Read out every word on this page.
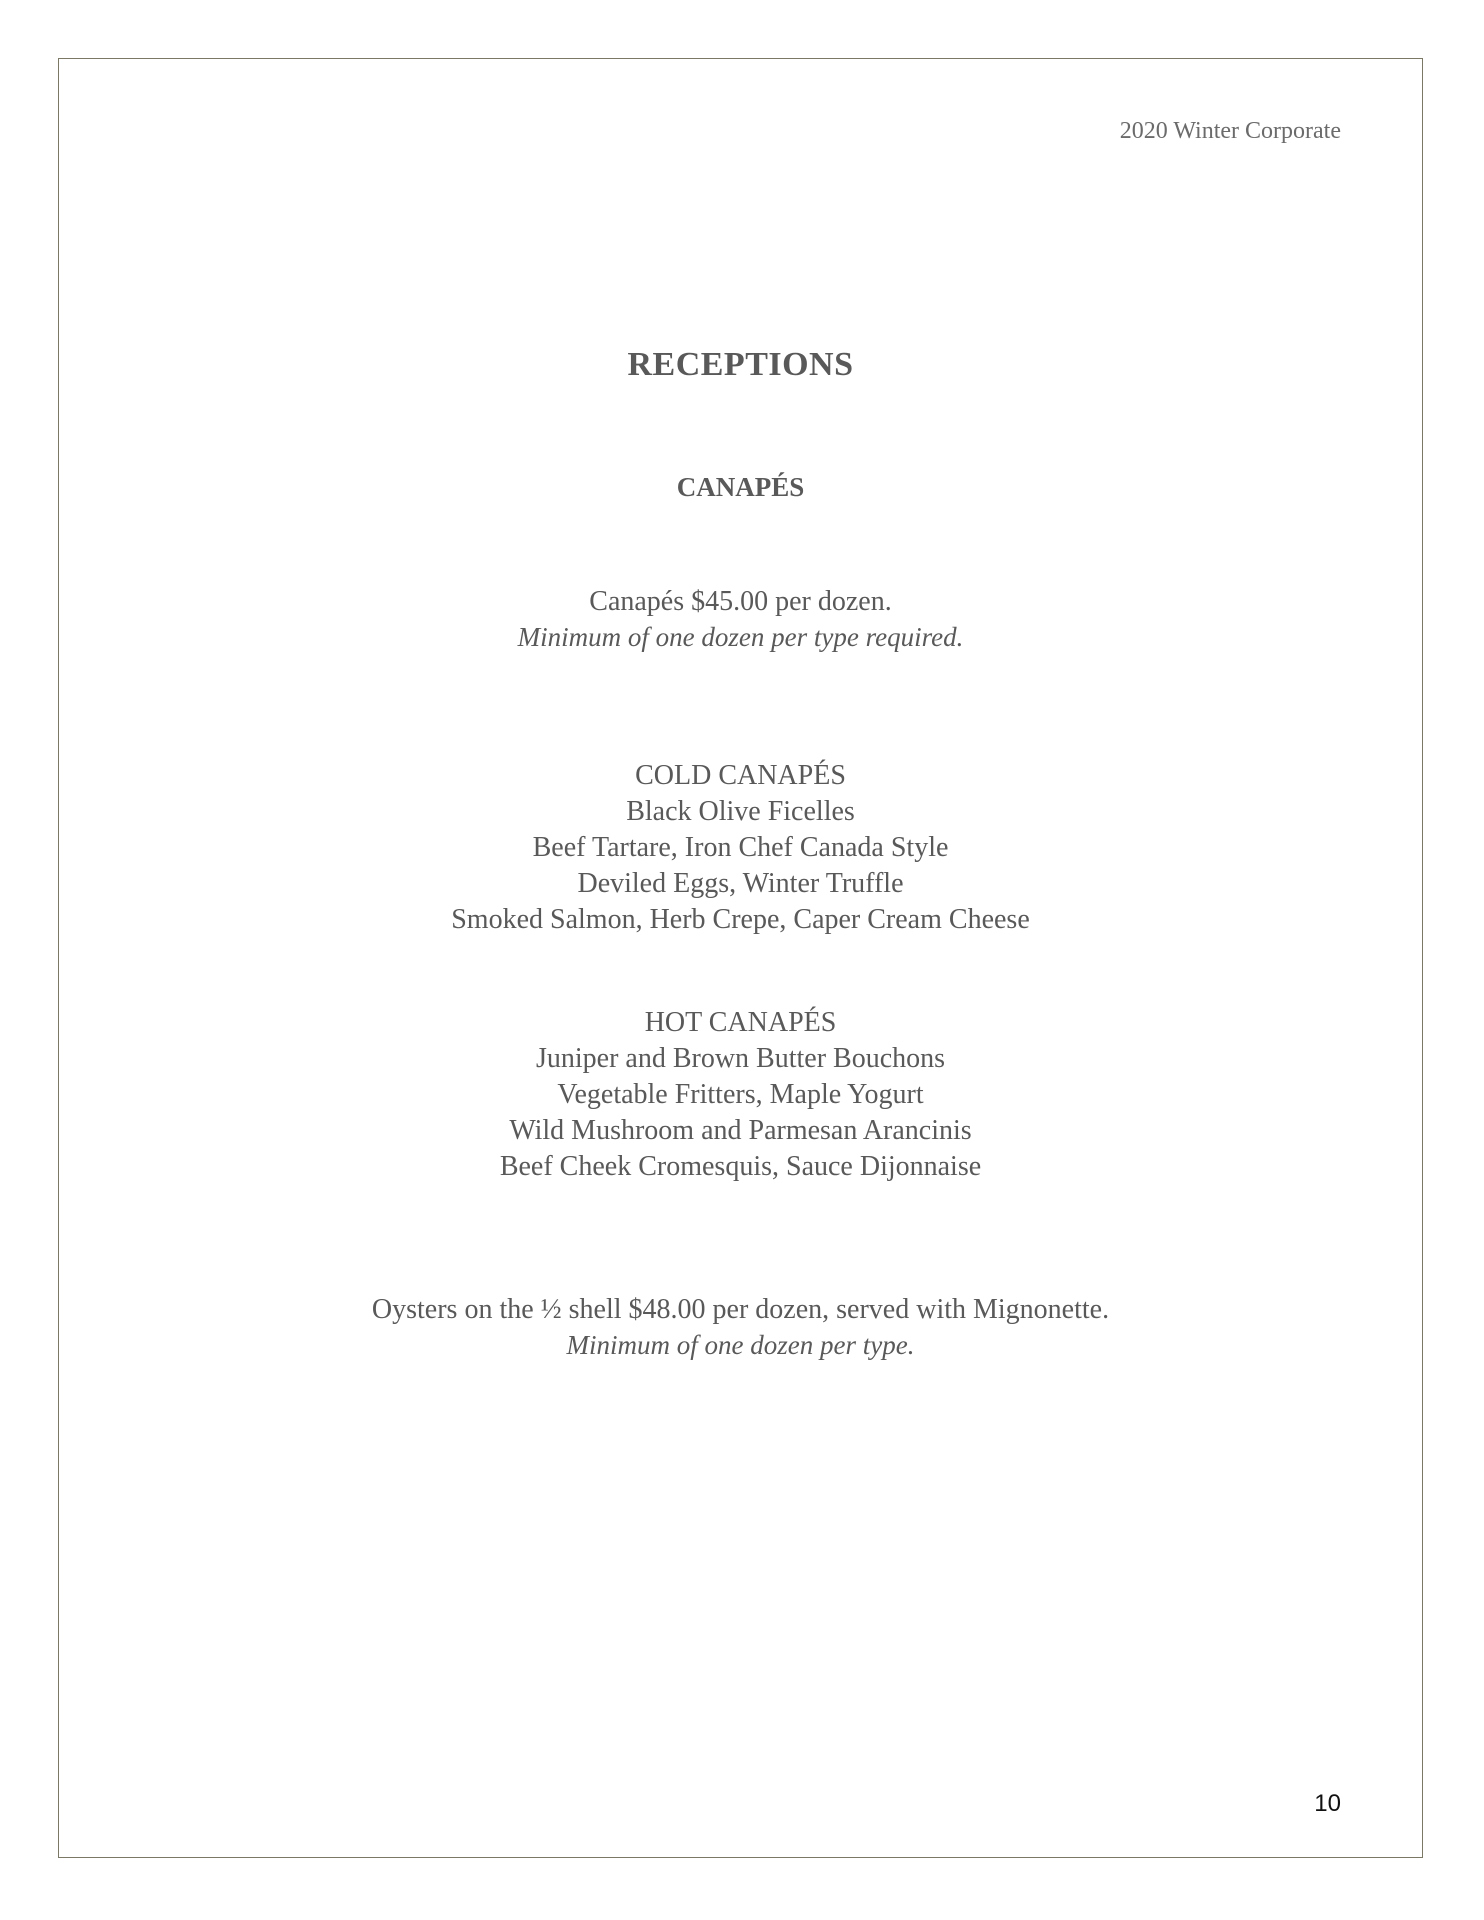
2020 Winter Corporate
RECEPTIONS
CANAPÉS

Canapés $45.00 per dozen.

Minimum of one dozen per type required.

COLD CANAPÉS

Black Olive Ficelles

Beef Tartare, Iron Chef Canada Style

Deviled Eggs, Winter Truffle

Smoked Salmon, Herb Crepe, Caper Cream Cheese

HOT CANAPÉS

Juniper and Brown Butter Bouchons

Vegetable Fritters, Maple Yogurt

Wild Mushroom and Parmesan Arancinis

Beef Cheek Cromesquis, Sauce Dijonnaise

Oysters on the ½ shell $48.00 per dozen, served with Mignonette.

Minimum of one dozen per type.

10
